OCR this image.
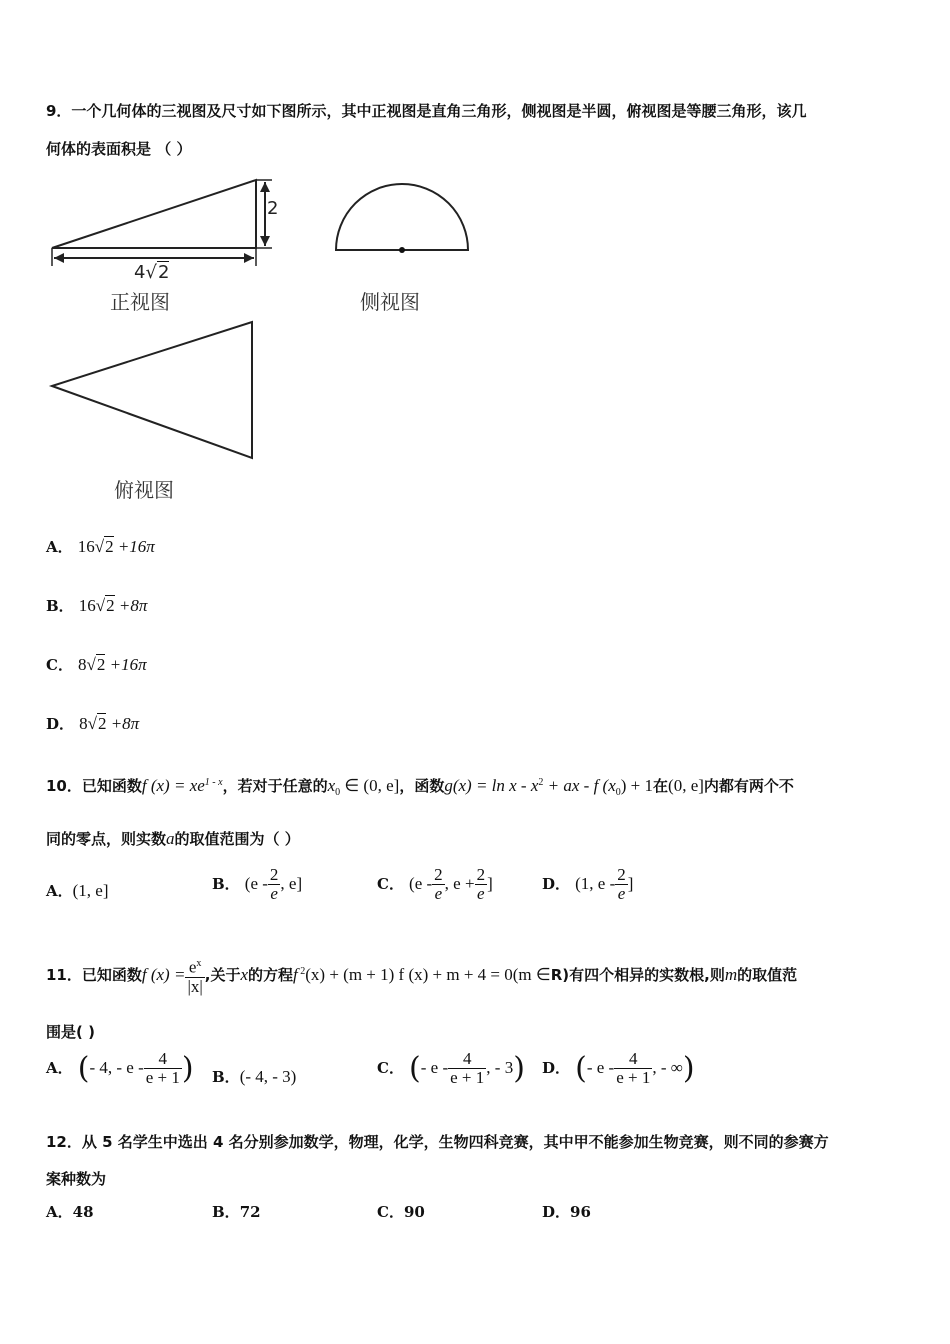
9．一个几何体的三视图及尺寸如下图所示，其中正视图是直角三角形，侧视图是半圆，俯视图是等腰三角形，该几
何体的表面积是 （ ）
2
4√2
正视图	侧视图
俯视图
A． 16√2 +16π
B． 16√2 +8π
C． 8√2 +16π
D． 8√2 +8π
10．已知函数f $(x) = xe^{1 - x}$，若对于任意的$x_0$ ∈ (0, e]，函数$g(x) = \ln x - x^2$ + ax - f $(x_0) + 1$在(0, e]内都有两个不
同的零点，则实数a的取值范围为（ ）
A．(1, e]	B． ($e - \frac{2}{e}$ , e]	C． ($e - \frac{2}{e}$ , $e + \frac{2}{e}$ ]	D． (1, e - $\frac{2}{e}$ ]
11．已知函数f $(x) = \frac{e^x}{|x|}$ ,关于x的方程f $^2$(x) + (m + 1) f (x) + m + 4 = 0(m ∈R)有四个相异的实数根,则m的取值范
围是( )
A． (- 4, - e - $\frac{4}{e + 1}$ ) B．(- 4, - 3)	C． (- e - $\frac{4}{e + 1}$ , - 3) D． (- e - $\frac{4}{e + 1}$ , - ∞)
12．从 5 名学生中选出 4 名分别参加数学，物理，化学，生物四科竞赛，其中甲不能参加生物竞赛，则不同的参赛方
案种数为
A．48	B．72	C．90	D．96
